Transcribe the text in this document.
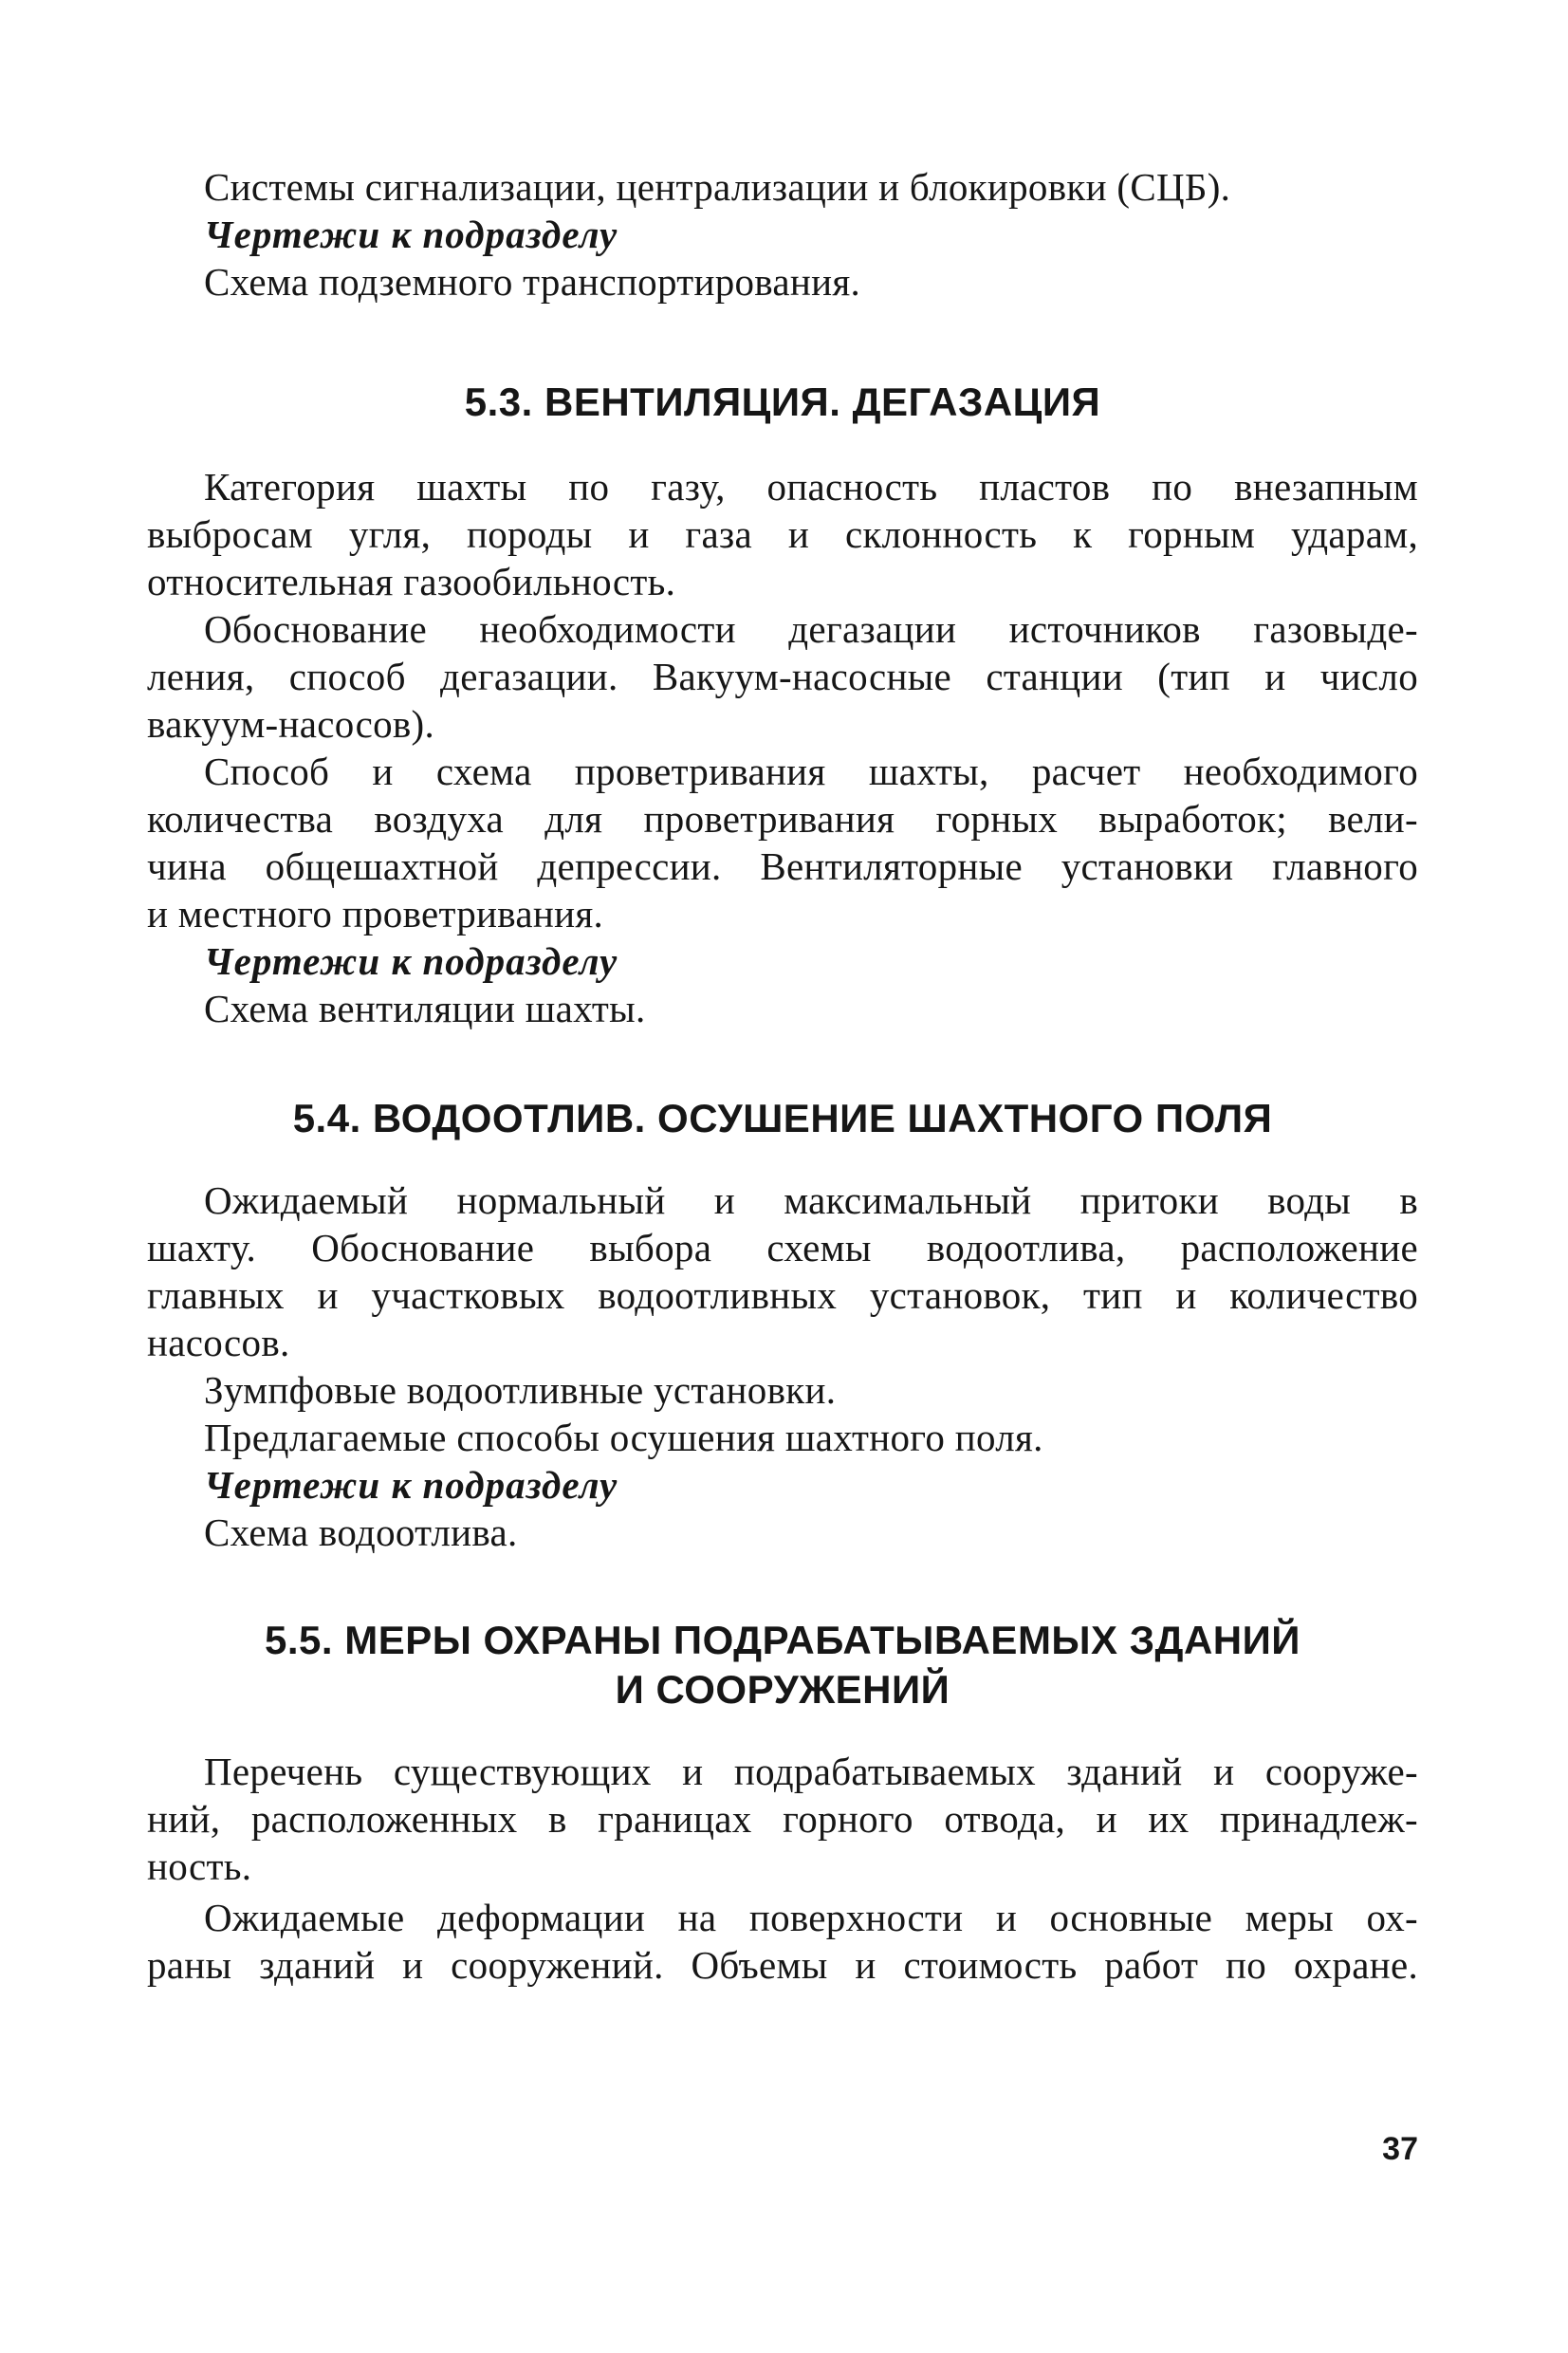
Системы сигнализации, централизации и блокировки (СЦБ).
Чертежи к подразделу
Схема подземного транспортирования.
5.3. ВЕНТИЛЯЦИЯ. ДЕГАЗАЦИЯ
Категория шахты по газу, опасность пластов по внезапным
выбросам угля, породы и газа и склонность к горным ударам,
относительная газообильность.
Обоснование необходимости дегазации источников газовыде-
ления, способ дегазации. Вакуум-насосные станции (тип и число
вакуум-насосов).
Способ и схема проветривания шахты, расчет необходимого
количества воздуха для проветривания горных выработок; вели-
чина общешахтной депрессии. Вентиляторные установки главного
и местного проветривания.
Чертежи к подразделу
Схема вентиляции шахты.
5.4. ВОДООТЛИВ. ОСУШЕНИЕ ШАХТНОГО ПОЛЯ
Ожидаемый нормальный и максимальный притоки воды в
шахту. Обоснование выбора схемы водоотлива, расположение
главных и участковых водоотливных установок, тип и количество
насосов.
Зумпфовые водоотливные установки.
Предлагаемые способы осушения шахтного поля.
Чертежи к подразделу
Схема водоотлива.
5.5. МЕРЫ ОХРАНЫ ПОДРАБАТЫВАЕМЫХ ЗДАНИЙ
И СООРУЖЕНИЙ
Перечень существующих и подрабатываемых зданий и сооруже-
ний, расположенных в границах горного отвода, и их принадлеж-
ность.
Ожидаемые деформации на поверхности и основные меры ох-
раны зданий и сооружений. Объемы и стоимость работ по охране.
37
